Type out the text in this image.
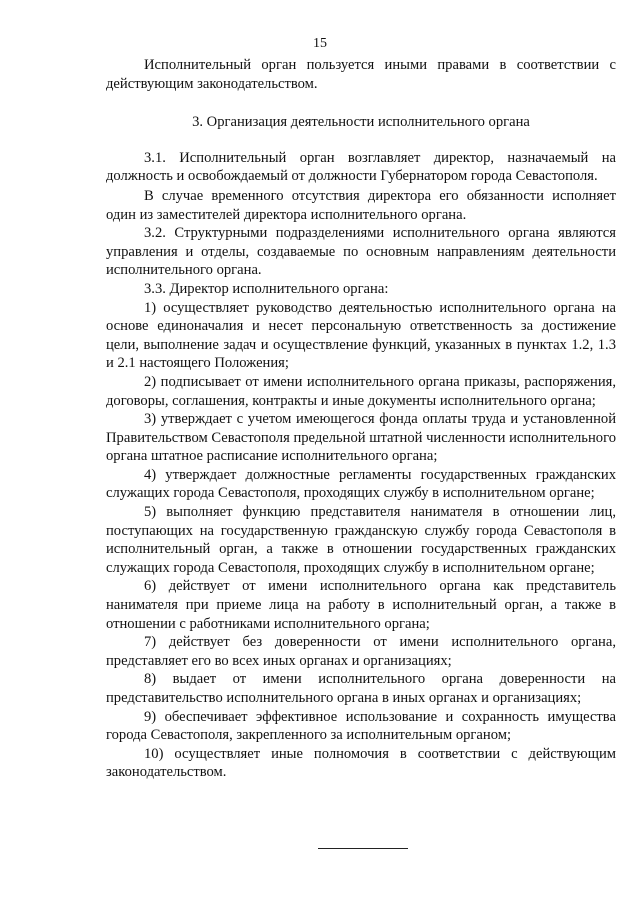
15

Исполнительный орган пользуется иными правами в соответствии с действующим законодательством.

3. Организация деятельности исполнительного органа

3.1. Исполнительный орган возглавляет директор, назначаемый на должность и освобождаемый от должности Губернатором города Севастополя.

В случае временного отсутствия директора его обязанности исполняет один из заместителей директора исполнительного органа.

3.2. Структурными подразделениями исполнительного органа являются управления и отделы, создаваемые по основным направлениям деятельности исполнительного органа.

3.3. Директор исполнительного органа:

1) осуществляет руководство деятельностью исполнительного органа на основе единоначалия и несет персональную ответственность за достижение цели, выполнение задач и осуществление функций, указанных в пунктах 1.2, 1.3 и 2.1 настоящего Положения;

2) подписывает от имени исполнительного органа приказы, распоряжения, договоры, соглашения, контракты и иные документы исполнительного органа;

3) утверждает с учетом имеющегося фонда оплаты труда и установленной Правительством Севастополя предельной штатной численности исполнительного органа штатное расписание исполнительного органа;

4) утверждает должностные регламенты государственных гражданских служащих города Севастополя, проходящих службу в исполнительном органе;

5) выполняет функцию представителя нанимателя в отношении лиц, поступающих на государственную гражданскую службу города Севастополя в исполнительный орган, а также в отношении государственных гражданских служащих города Севастополя, проходящих службу в исполнительном органе;

6) действует от имени исполнительного органа как представитель нанимателя при приеме лица на работу в исполнительный орган, а также в отношении с работниками исполнительного органа;

7) действует без доверенности от имени исполнительного органа, представляет его во всех иных органах и организациях;

8) выдает от имени исполнительного органа доверенности на представительство исполнительного органа в иных органах и организациях;

9) обеспечивает эффективное использование и сохранность имущества города Севастополя, закрепленного за исполнительным органом;

10) осуществляет иные полномочия в соответствии с действующим законодательством.
